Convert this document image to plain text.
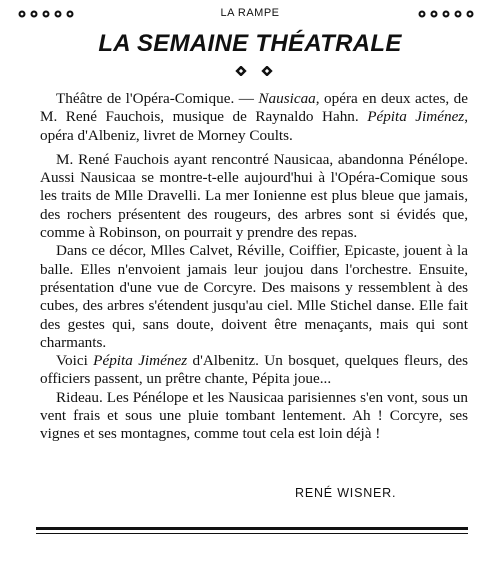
LA RAMPE
LA SEMAINE THÉATRALE

Théâtre de l'Opéra-Comique. — Nausicaa, opéra en deux actes, de M. René Fauchois, musique de Raynaldo Hahn. Pépita Jiménez, opéra d'Albeniz, livret de Morney Coults.

M. René Fauchois ayant rencontré Nausicaa, abandonna Pénélope. Aussi Nausicaa se montre-t-elle aujourd'hui à l'Opéra-Comique sous les traits de Mlle Dravelli. La mer Ionienne est plus bleue que jamais, des rochers présentent des rougeurs, des arbres sont si évidés que, comme à Robinson, on pourrait y prendre des repas.

Dans ce décor, Mlles Calvet, Réville, Coiffier, Epicaste, jouent à la balle. Elles n'envoient jamais leur joujou dans l'orchestre. Ensuite, présentation d'une vue de Corcyre. Des maisons y ressemblent à des cubes, des arbres s'étendent jusqu'au ciel. Mlle Stichel danse. Elle fait des gestes qui, sans doute, doivent être menaçants, mais qui sont charmants.

Voici Pépita Jiménez d'Albenitz. Un bosquet, quelques fleurs, des officiers passent, un prêtre chante, Pépita joue...

Rideau. Les Pénélope et les Nausicaa parisiennes s'en vont, sous un vent frais et sous une pluie tombant lentement. Ah ! Corcyre, ses vignes et ses montagnes, comme tout cela est loin déjà !

RENÉ WISNER.
